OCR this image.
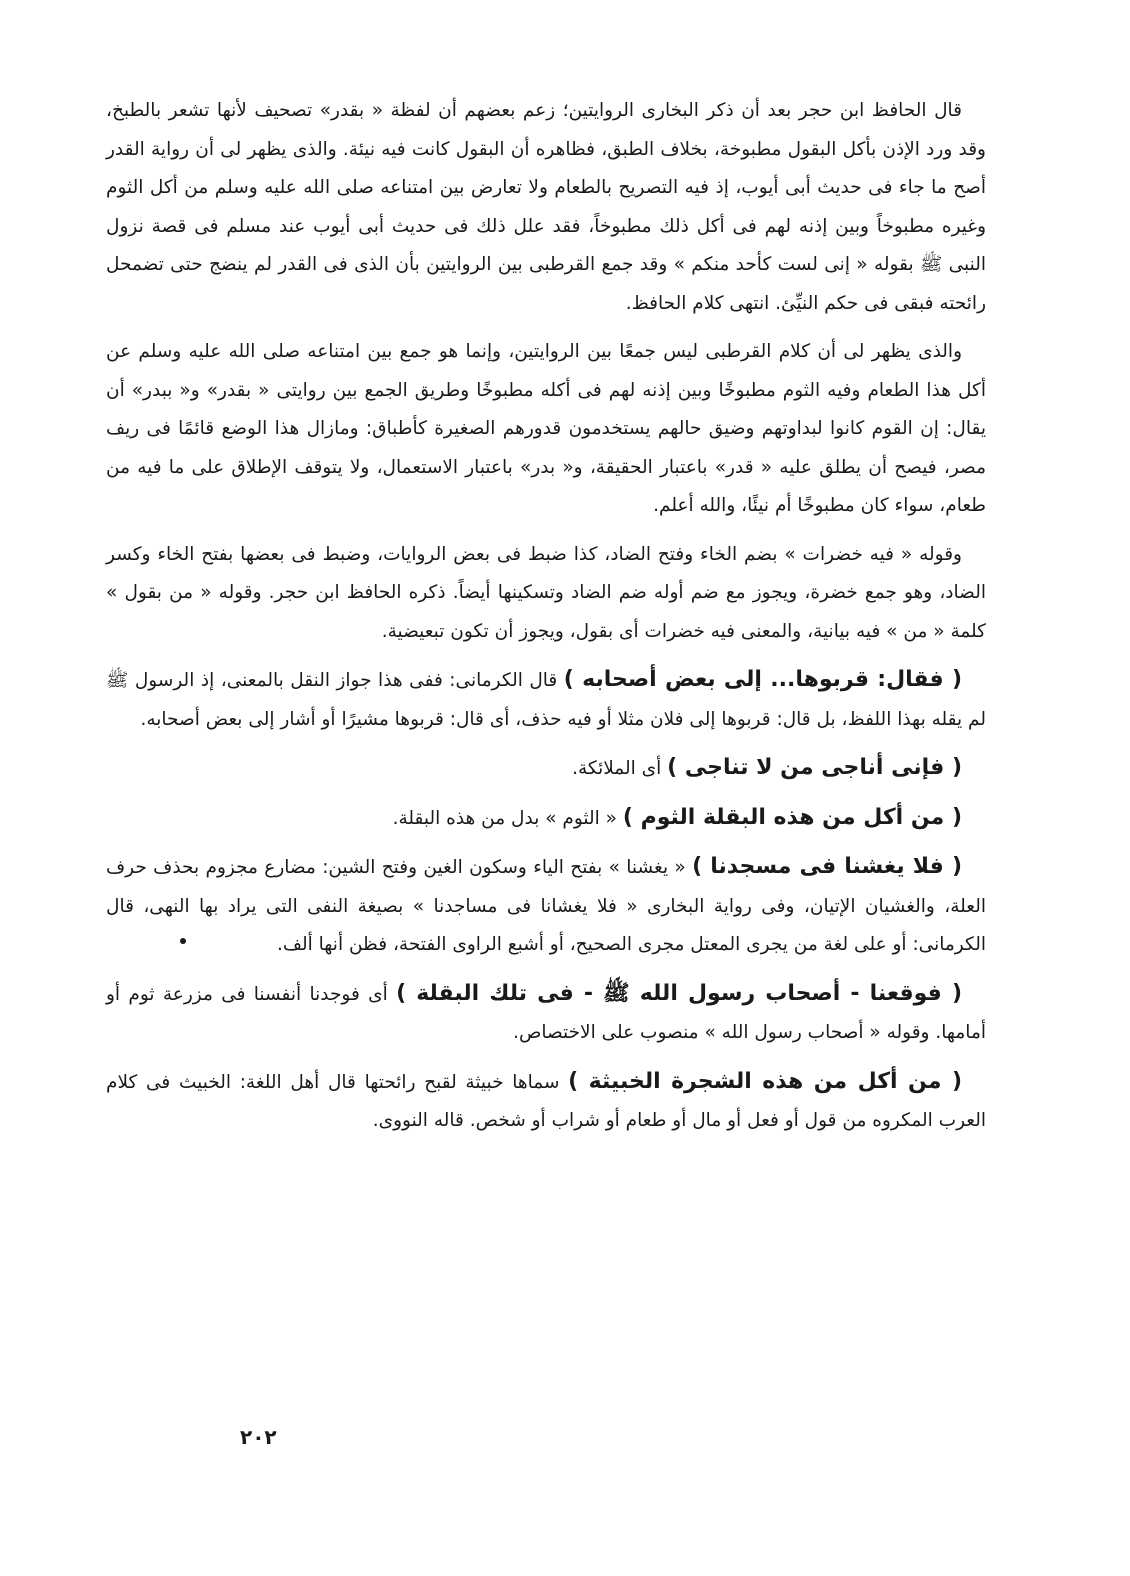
قال الحافظ ابن حجر بعد أن ذكر البخارى الروايتين؛ زعم بعضهم أن لفظة « بقدر» تصحيف لأنها تشعر بالطبخ، وقد ورد الإذن بأكل البقول مطبوخة، بخلاف الطبق، فظاهره أن البقول كانت فيه نيئة. والذى يظهر لى أن رواية القدر أصح ما جاء فى حديث أبى أيوب، إذ فيه التصريح بالطعام ولا تعارض بين امتناعه صلى الله عليه وسلم من أكل الثوم وغيره مطبوخاً وبين إذنه لهم فى أكل ذلك مطبوخاً، فقد علل ذلك فى حديث أبى أيوب عند مسلم فى قصة نزول النبى ﷺ بقوله « إنى لست كأحد منكم » وقد جمع القرطبى بين الروايتين بأن الذى فى القدر لم ينضج حتى تضمحل رائحته فبقى فى حكم النيِّئ. انتهى كلام الحافظ.

والذى يظهر لى أن كلام القرطبى ليس جمعًا بين الروايتين، وإنما هو جمع بين امتناعه صلى الله عليه وسلم عن أكل هذا الطعام وفيه الثوم مطبوخًا وبين إذنه لهم فى أكله مطبوخًا وطريق الجمع بين روايتى « بقدر» و« ببدر» أن يقال: إن القوم كانوا لبداوتهم وضيق حالهم يستخدمون قدورهم الصغيرة كأطباق: ومازال هذا الوضع قائمًا فى ريف مصر، فيصح أن يطلق عليه « قدر» باعتبار الحقيقة، و« بدر» باعتبار الاستعمال، ولا يتوقف الإطلاق على ما فيه من طعام، سواء كان مطبوخًا أم نيئًا، والله أعلم.

وقوله « فيه خضرات » بضم الخاء وفتح الضاد، كذا ضبط فى بعض الروايات، وضبط فى بعضها بفتح الخاء وكسر الضاد، وهو جمع خضرة، ويجوز مع ضم أوله ضم الضاد وتسكينها أيضاً. ذكره الحافظ ابن حجر. وقوله « من بقول » كلمة « من » فيه بيانية، والمعنى فيه خضرات أى بقول، ويجوز أن تكون تبعيضية.

( فقال: قربوها... إلى بعض أصحابه ) قال الكرمانى: ففى هذا جواز النقل بالمعنى، إذ الرسول ﷺ لم يقله بهذا اللفظ، بل قال: قربوها إلى فلان مثلا أو فيه حذف، أى قال: قربوها مشيرًا أو أشار إلى بعض أصحابه.

( فإنى أناجى من لا تناجى ) أى الملائكة.

( من أكل من هذه البقلة الثوم ) « الثوم » بدل من هذه البقلة.

( فلا يغشنا فى مسجدنا ) « يغشنا » بفتح الياء وسكون الغين وفتح الشين: مضارع مجزوم بحذف حرف العلة، والغشيان الإتيان، وفى رواية البخارى « فلا يغشانا فى مساجدنا » بصيغة النفى التى يراد بها النهى، قال الكرمانى: أو على لغة من يجرى المعتل مجرى الصحيح، أو أشبع الراوى الفتحة، فظن أنها ألف.

( فوقعنا - أصحاب رسول الله ﷺ - فى تلك البقلة ) أى فوجدنا أنفسنا فى مزرعة ثوم أو أمامها. وقوله « أصحاب رسول الله » منصوب على الاختصاص.

( من أكل من هذه الشجرة الخبيثة ) سماها خبيثة لقبح رائحتها قال أهل اللغة: الخبيث فى كلام العرب المكروه من قول أو فعل أو مال أو طعام أو شراب أو شخص. قاله النووى.

٢٠٢
